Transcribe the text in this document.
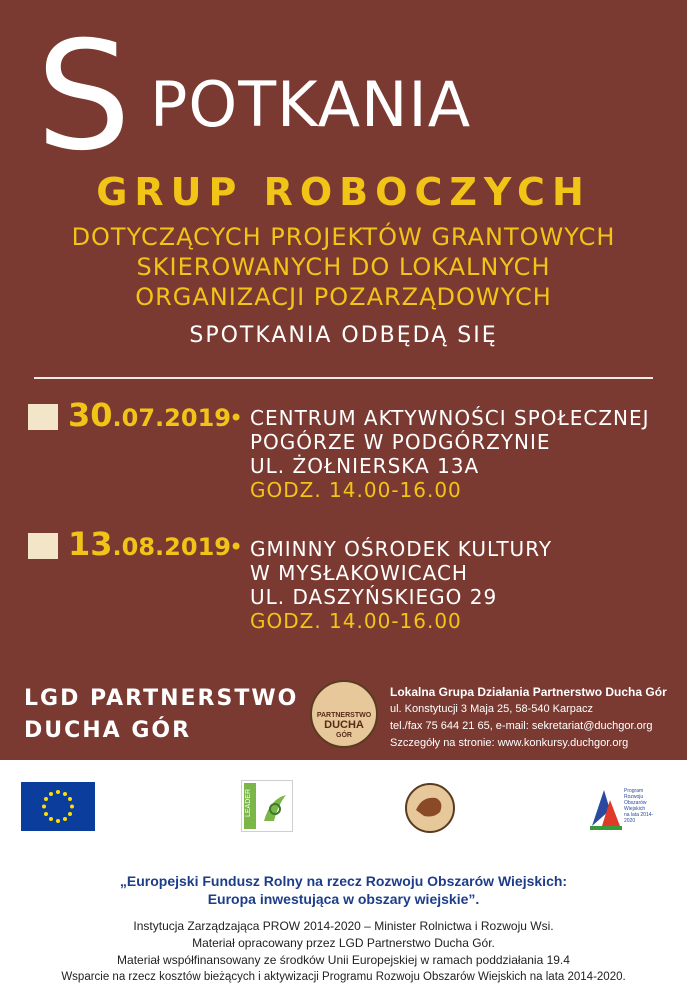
S POTKANIA
GRUP ROBOCZYCH
DOTYCZĄCYCH PROJEKTÓW GRANTOWYCH
SKIEROWANYCH DO LOKALNYCH
ORGANIZACJI POZARZĄDOWYCH
SPOTKANIA ODBĘDĄ SIĘ
30.07.2019
• CENTRUM AKTYWNOŚCI SPOŁECZNEJ
POGÓRZE W PODGÓRZYNIE
UL. ŻOŁNIERSKA 13A
GODZ. 14.00-16.00
13.08.2019
• GMINNY OŚRODEK KULTURY
W MYSŁAKOWICACH
UL. DASZYŃSKIEGO 29
GODZ. 14.00-16.00
LGD PARTNERSTWO
DUCHA GÓR
PARTNERSTWO
DUCHA
GÓR
Lokalna Grupa Działania Partnerstwo Ducha Gór
ul. Konstytucji 3 Maja 25, 58-540 Karpacz
tel./fax 75 644 21 65, e-mail: sekretariat@duchgor.org
Szczegóły na stronie: www.konkursy.duchgor.org
LEADER	Program
Rozwoju
Obszarów
Wiejskich
na lata 2014-2020
„Europejski Fundusz Rolny na rzecz Rozwoju Obszarów Wiejskich:
Europa inwestująca w obszary wiejskie”.
Instytucja Zarządzająca PROW 2014-2020 – Minister Rolnictwa i Rozwoju Wsi.
Materiał opracowany przez LGD Partnerstwo Ducha Gór.
Materiał współfinansowany ze środków Unii Europejskiej w ramach poddziałania 19.4
Wsparcie na rzecz kosztów bieżących i aktywizacji Programu Rozwoju Obszarów Wiejskich na lata 2014-2020.
